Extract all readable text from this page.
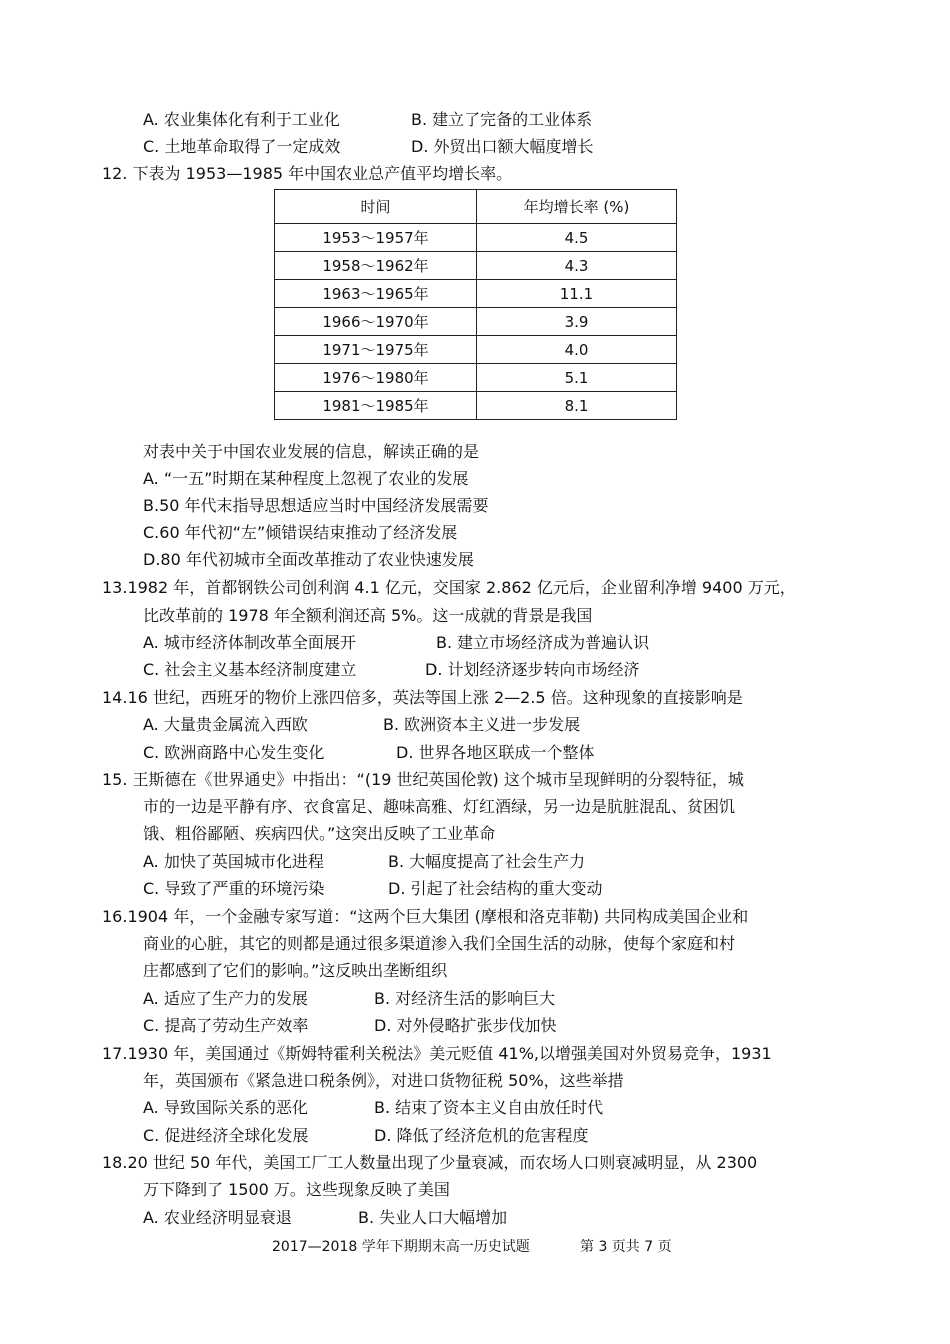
A. 农业集体化有利于工业化	B. 建立了完备的工业体系
C. 土地革命取得了一定成效	D. 外贸出口额大幅度增长
12. 下表为 1953—1985 年中国农业总产值平均增长率。
时间	年均增长率 (%)
1953～1957年	4.5
1958～1962年	4.3
1963～1965年	11.1
1966～1970年	3.9
1971～1975年	4.0
1976～1980年	5.1
1981～1985年	8.1
对表中关于中国农业发展的信息，解读正确的是
A. “一五”时期在某种程度上忽视了农业的发展
B.50 年代末指导思想适应当时中国经济发展需要
C.60 年代初“左”倾错误结束推动了经济发展
D.80 年代初城市全面改革推动了农业快速发展
13.1982 年，首都钢铁公司创利润 4.1 亿元，交国家 2.862 亿元后，企业留利净增 9400 万元，
比改革前的 1978 年全额利润还高 5%。这一成就的背景是我国
A. 城市经济体制改革全面展开	B. 建立市场经济成为普遍认识
C. 社会主义基本经济制度建立	D. 计划经济逐步转向市场经济
14.16 世纪，西班牙的物价上涨四倍多，英法等国上涨 2—2.5 倍。这种现象的直接影响是
A. 大量贵金属流入西欧	B. 欧洲资本主义进一步发展
C. 欧洲商路中心发生变化	D. 世界各地区联成一个整体
15. 王斯德在《世界通史》中指出：“(19 世纪英国伦敦) 这个城市呈现鲜明的分裂特征，城
市的一边是平静有序、衣食富足、趣味高雅、灯红酒绿，另一边是肮脏混乱、贫困饥
饿、粗俗鄙陋、疾病四伏。”这突出反映了工业革命
A. 加快了英国城市化进程	B. 大幅度提高了社会生产力
C. 导致了严重的环境污染	D. 引起了社会结构的重大变动
16.1904 年，一个金融专家写道：“这两个巨大集团 (摩根和洛克菲勒) 共同构成美国企业和
商业的心脏，其它的则都是通过很多渠道渗入我们全国生活的动脉，使每个家庭和村
庄都感到了它们的影响。”这反映出垄断组织
A. 适应了生产力的发展	B. 对经济生活的影响巨大
C. 提高了劳动生产效率	D. 对外侵略扩张步伐加快
17.1930 年，美国通过《斯姆特霍利关税法》美元贬值 41%,以增强美国对外贸易竞争，1931
年，英国颁布《紧急进口税条例》，对进口货物征税 50%，这些举措
A. 导致国际关系的恶化	B. 结束了资本主义自由放任时代
C. 促进经济全球化发展	D. 降低了经济危机的危害程度
18.20 世纪 50 年代，美国工厂工人数量出现了少量衰减，而农场人口则衰减明显，从 2300
万下降到了 1500 万。这些现象反映了美国
A. 农业经济明显衰退	B. 失业人口大幅增加
2017—2018 学年下期期末高一历史试题	第 3 页共 7 页
